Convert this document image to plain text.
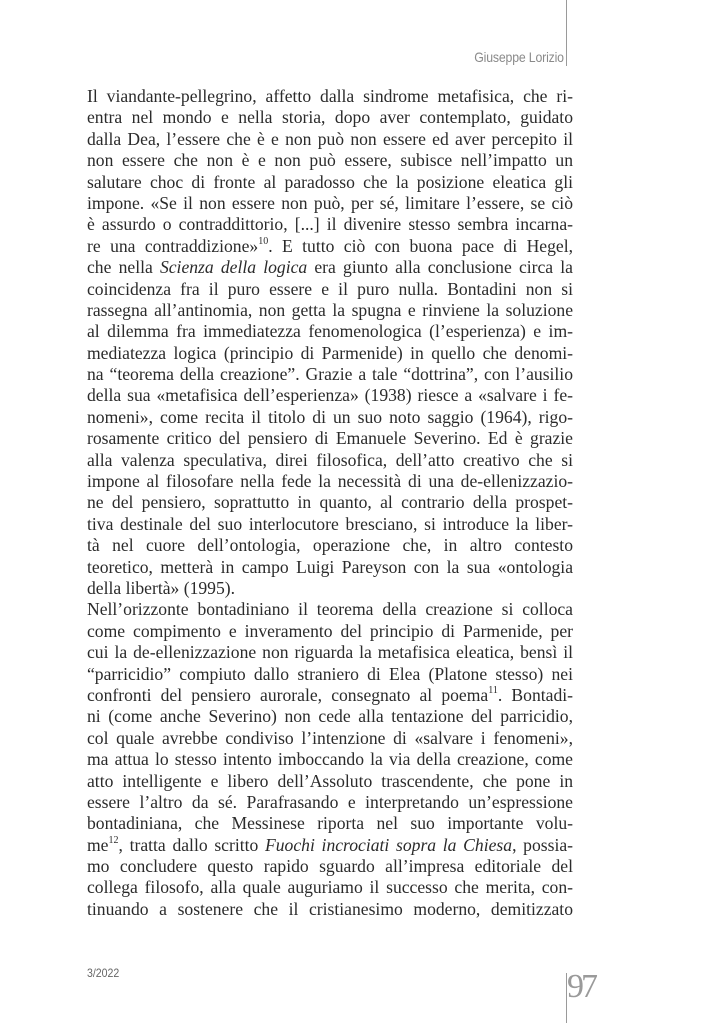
Giuseppe Lorizio
Il viandante-pellegrino, affetto dalla sindrome metafisica, che ri-
entra nel mondo e nella storia, dopo aver contemplato, guidato
dalla Dea, l’essere che è e non può non essere ed aver percepito il
non essere che non è e non può essere, subisce nell’impatto un
salutare choc di fronte al paradosso che la posizione eleatica gli
impone. «Se il non essere non può, per sé, limitare l’essere, se ciò
è assurdo o contraddittorio, [...] il divenire stesso sembra incarna-
re una contraddizione»$^{10}$. E tutto ciò con buona pace di Hegel,
che nella Scienza della logica era giunto alla conclusione circa la
coincidenza fra il puro essere e il puro nulla. Bontadini non si
rassegna all’antinomia, non getta la spugna e rinviene la soluzione
al dilemma fra immediatezza fenomenologica (l’esperienza) e im-
mediatezza logica (principio di Parmenide) in quello che denomi-
na “teorema della creazione”. Grazie a tale “dottrina”, con l’ausilio
della sua «metafisica dell’esperienza» (1938) riesce a «salvare i fe-
nomeni», come recita il titolo di un suo noto saggio (1964), rigo-
rosamente critico del pensiero di Emanuele Severino. Ed è grazie
alla valenza speculativa, direi filosofica, dell’atto creativo che si
impone al filosofare nella fede la necessità di una de-ellenizzazio-
ne del pensiero, soprattutto in quanto, al contrario della prospet-
tiva destinale del suo interlocutore bresciano, si introduce la liber-
tà nel cuore dell’ontologia, operazione che, in altro contesto
teoretico, metterà in campo Luigi Pareyson con la sua «ontologia
della libertà» (1995).
Nell’orizzonte bontadiniano il teorema della creazione si colloca
come compimento e inveramento del principio di Parmenide, per
cui la de-ellenizzazione non riguarda la metafisica eleatica, bensì il
“parricidio” compiuto dallo straniero di Elea (Platone stesso) nei
confronti del pensiero aurorale, consegnato al poema$^{11}$. Bontadi-
ni (come anche Severino) non cede alla tentazione del parricidio,
col quale avrebbe condiviso l’intenzione di «salvare i fenomeni»,
ma attua lo stesso intento imboccando la via della creazione, come
atto intelligente e libero dell’Assoluto trascendente, che pone in
essere l’altro da sé. Parafrasando e interpretando un’espressione
bontadiniana, che Messinese riporta nel suo importante volu-
$me^{12}$, tratta dallo scritto Fuochi incrociati sopra la Chiesa, possia-
mo concludere questo rapido sguardo all’impresa editoriale del
collega filosofo, alla quale auguriamo il successo che merita, con-
tinuando a sostenere che il cristianesimo moderno, demitizzato
3/2022	97
